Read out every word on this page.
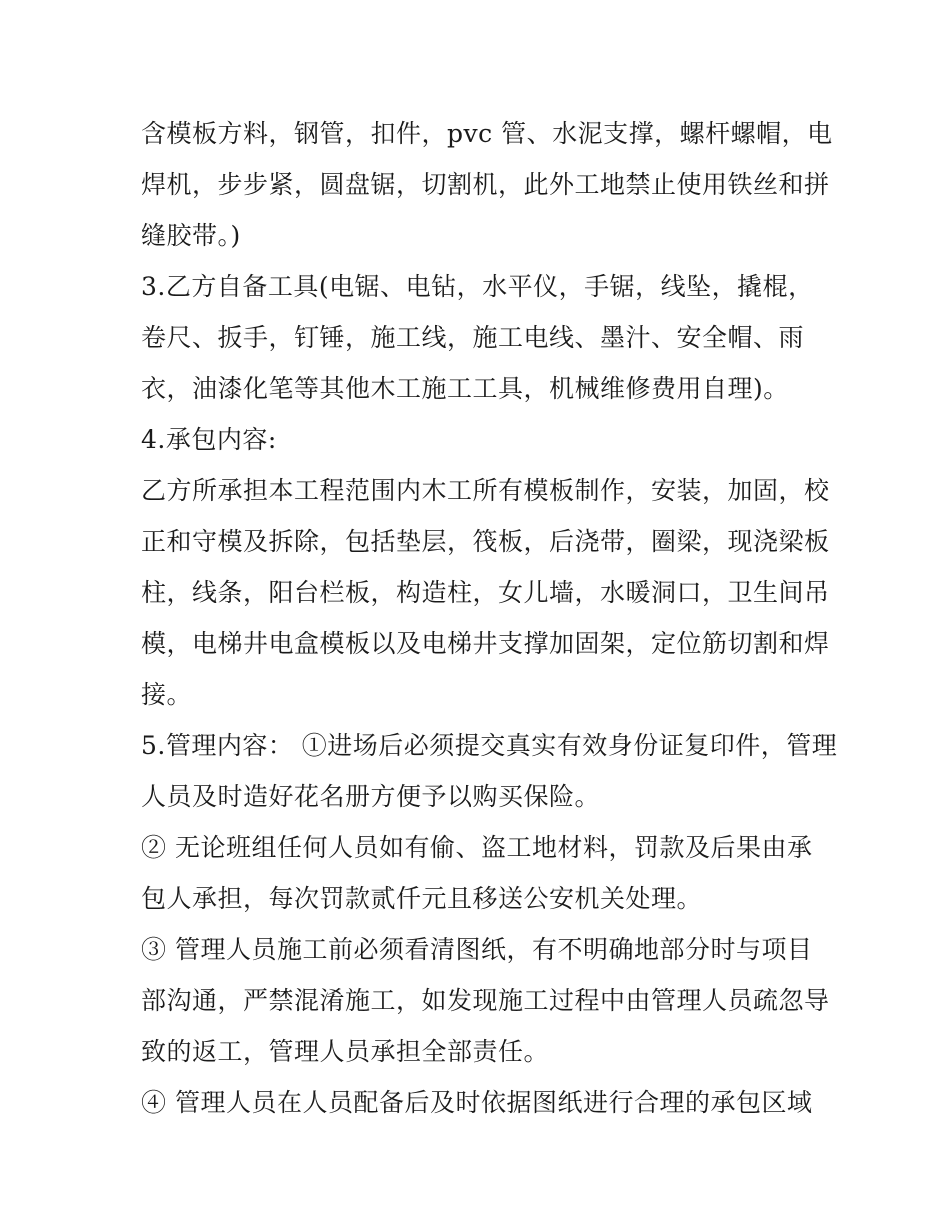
含模板方料，钢管，扣件，pvc 管、水泥支撑，螺杆螺帽，电
焊机，步步紧，圆盘锯，切割机，此外工地禁止使用铁丝和拼
缝胶带。)
3.乙方自备工具(电锯、电钻，水平仪，手锯，线坠，撬棍，
卷尺、扳手，钉锤，施工线，施工电线、墨汁、安全帽、雨
衣，油漆化笔等其他木工施工工具，机械维修费用自理)。
4.承包内容:
乙方所承担本工程范围内木工所有模板制作，安装，加固，校
正和守模及拆除，包括垫层，筏板，后浇带，圈梁，现浇梁板
柱，线条，阳台栏板，构造柱，女儿墙，水暖洞口，卫生间吊
模，电梯井电盒模板以及电梯井支撑加固架，定位筋切割和焊
接。
5.管理内容： ①进场后必须提交真实有效身份证复印件，管理
人员及时造好花名册方便予以购买保险。
② 无论班组任何人员如有偷、盗工地材料，罚款及后果由承
包人承担，每次罚款贰仟元且移送公安机关处理。
③ 管理人员施工前必须看清图纸，有不明确地部分时与项目
部沟通，严禁混淆施工，如发现施工过程中由管理人员疏忽导
致的返工，管理人员承担全部责任。
④ 管理人员在人员配备后及时依据图纸进行合理的承包区域
